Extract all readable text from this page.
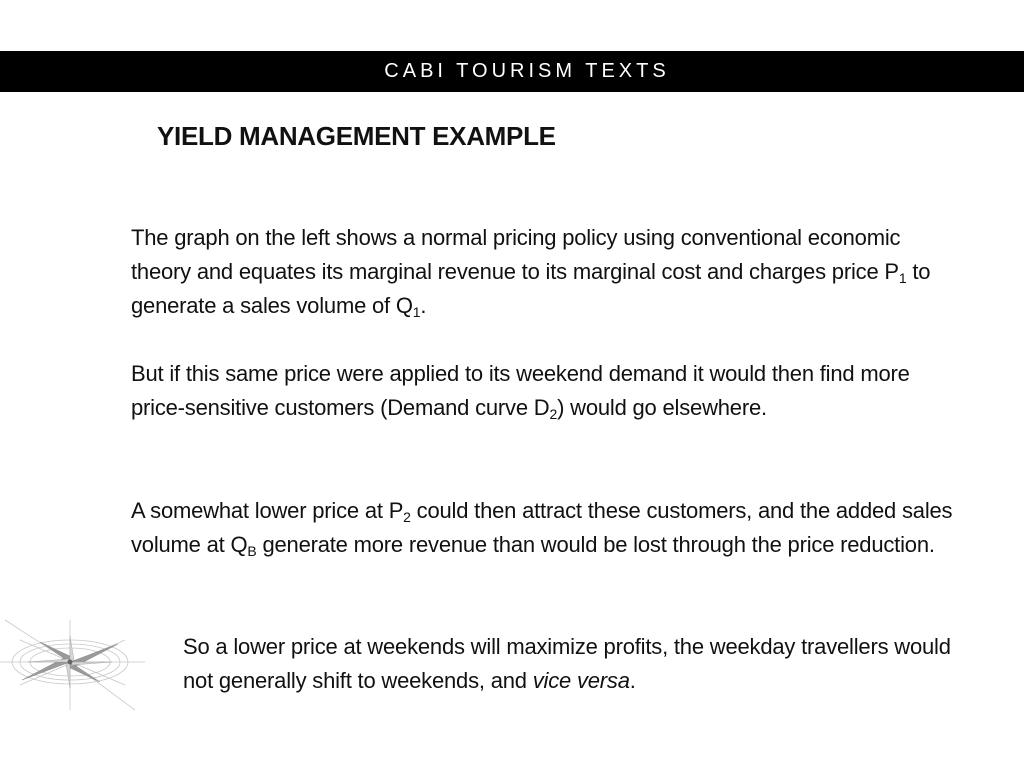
CABI TOURISM TEXTS
YIELD MANAGEMENT EXAMPLE

The graph on the left shows a normal pricing policy using conventional economic theory and equates its marginal revenue to its marginal cost and charges price $P_1$ to generate a sales volume of $Q_1$.

But if this same price were applied to its weekend demand it would then find more price-sensitive customers (Demand curve $D_2$) would go elsewhere.

A somewhat lower price at $P_2$ could then attract these customers, and the added sales volume at $Q_B$ generate more revenue than would be lost through the price reduction.

So a lower price at weekends will maximize profits, the weekday travellers would not generally shift to weekends, and vice versa.
